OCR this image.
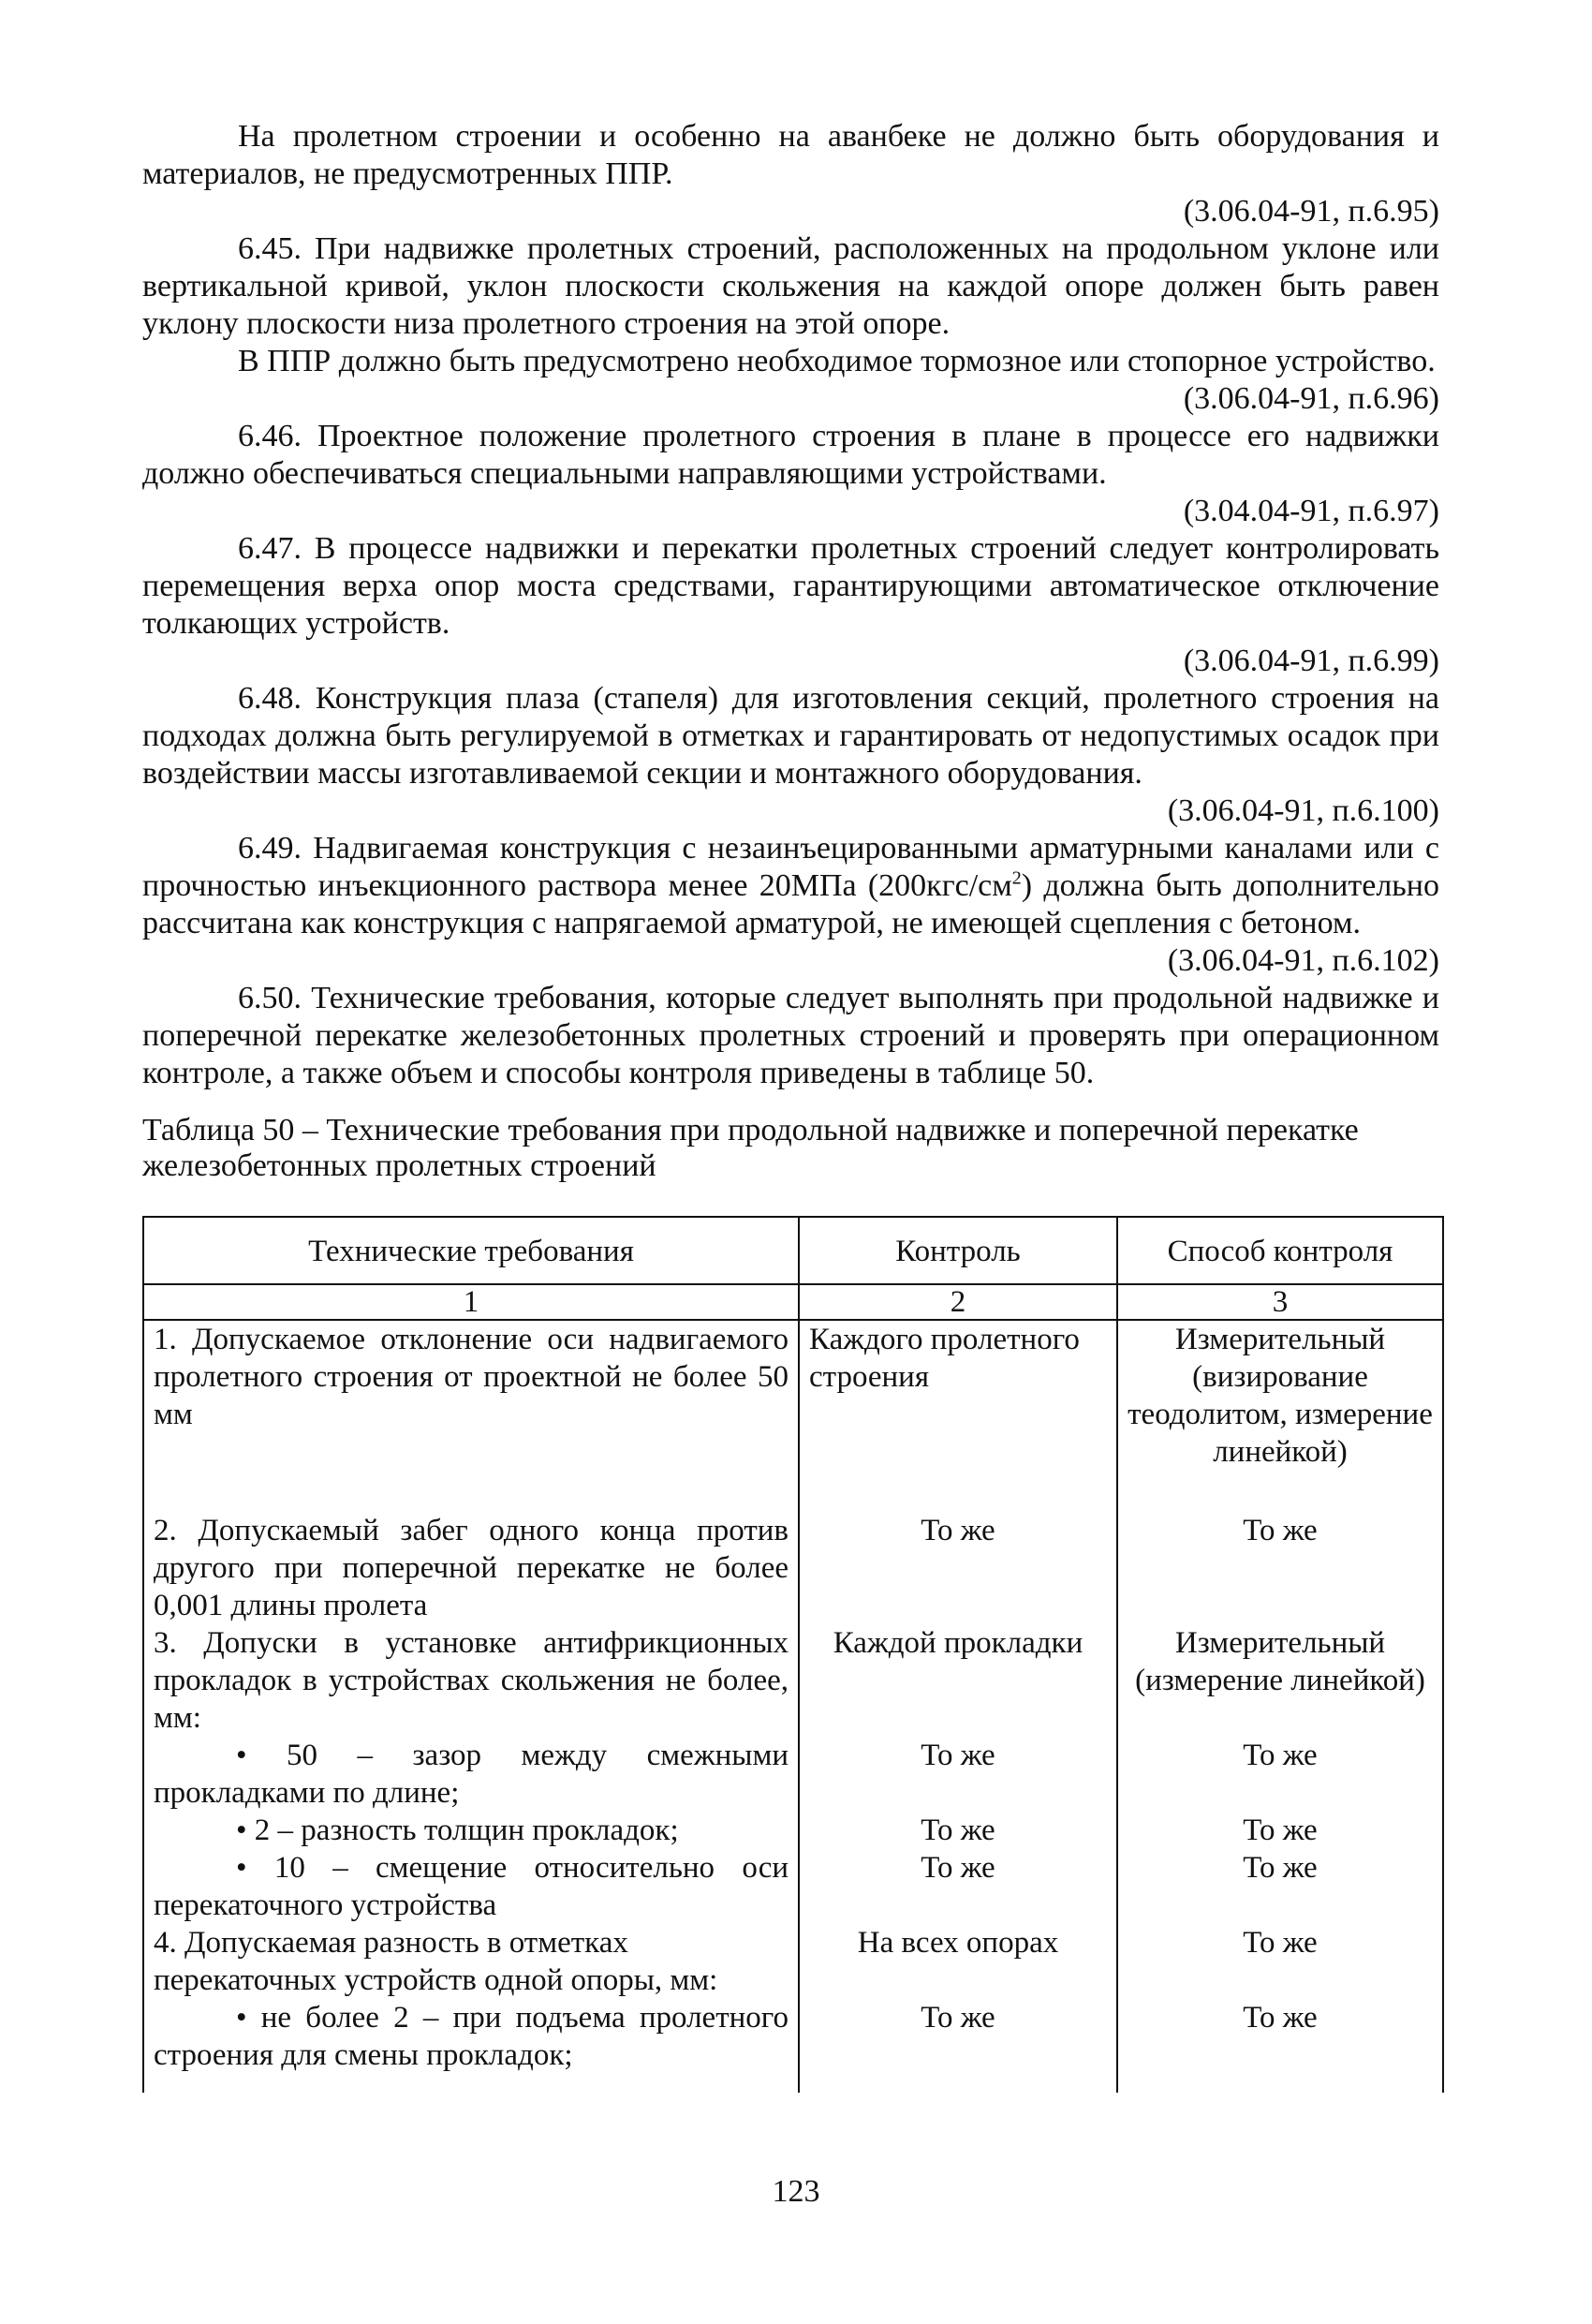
На пролетном строении и особенно на аванбеке не должно быть оборудования и материалов, не предусмотренных ППР.

(3.06.04-91, п.6.95)

6.45. При надвижке пролетных строений, расположенных на продольном уклоне или вертикальной кривой, уклон плоскости скольжения на каждой опоре должен быть равен уклону плоскости низа пролетного строения на этой опоре.

В ППР должно быть предусмотрено необходимое тормозное или стопорное устройство.

(3.06.04-91, п.6.96)

6.46. Проектное положение пролетного строения в плане в процессе его надвижки должно обеспечиваться специальными направляющими устройствами.

(3.04.04-91, п.6.97)

6.47. В процессе надвижки и перекатки пролетных строений следует контролировать перемещения верха опор моста средствами, гарантирующими автоматическое отключение толкающих устройств.

(3.06.04-91, п.6.99)

6.48. Конструкция плаза (стапеля) для изготовления секций, пролетного строения на подходах должна быть регулируемой в отметках и гарантировать от недопустимых осадок при воздействии массы изготавливаемой секции и монтажного оборудования.

(3.06.04-91, п.6.100)

6.49. Надвигаемая конструкция с незаинъецированными арматурными каналами или с прочностью инъекционного раствора менее 20МПа $(200кгс/см^2)$ должна быть дополнительно рассчитана как конструкция с напрягаемой арматурой, не имеющей сцепления с бетоном.

(3.06.04-91, п.6.102)

6.50. Технические требования, которые следует выполнять при продольной надвижке и поперечной перекатке железобетонных пролетных строений и проверять при операционном контроле, а также объем и способы контроля приведены в таблице 50.

Таблица 50 – Технические требования при продольной надвижке и поперечной перекатке железобетонных пролетных строений

Технические требования	Контроль	Способ контроля
1	2	3
1. Допускаемое отклонение оси надвигаемого пролетного строения от проектной не более 50 мм	Каждого пролетного строения	Измерительный (визирование теодолитом, измерение линейкой)

2. Допускаемый забег одного конца против другого при поперечной перекатке не более 0,001 длины пролета	То же	То же
3. Допуски в установке антифрикционных прокладок в устройствах скольжения не более, мм:	Каждой прокладки	Измерительный (измерение линейкой)
• 50 – зазор между смежными прокладками по длине;	То же	То же
• 2 – разность толщин прокладок;	То же	То же
• 10 – смещение относительно оси перекаточного устройства	То же	То же
4. Допускаемая разность в отметках перекаточных устройств одной опоры, мм:	На всех опорах	То же
• не более 2 – при подъема пролетного строения для смены прокладок;	То же	То же
123
